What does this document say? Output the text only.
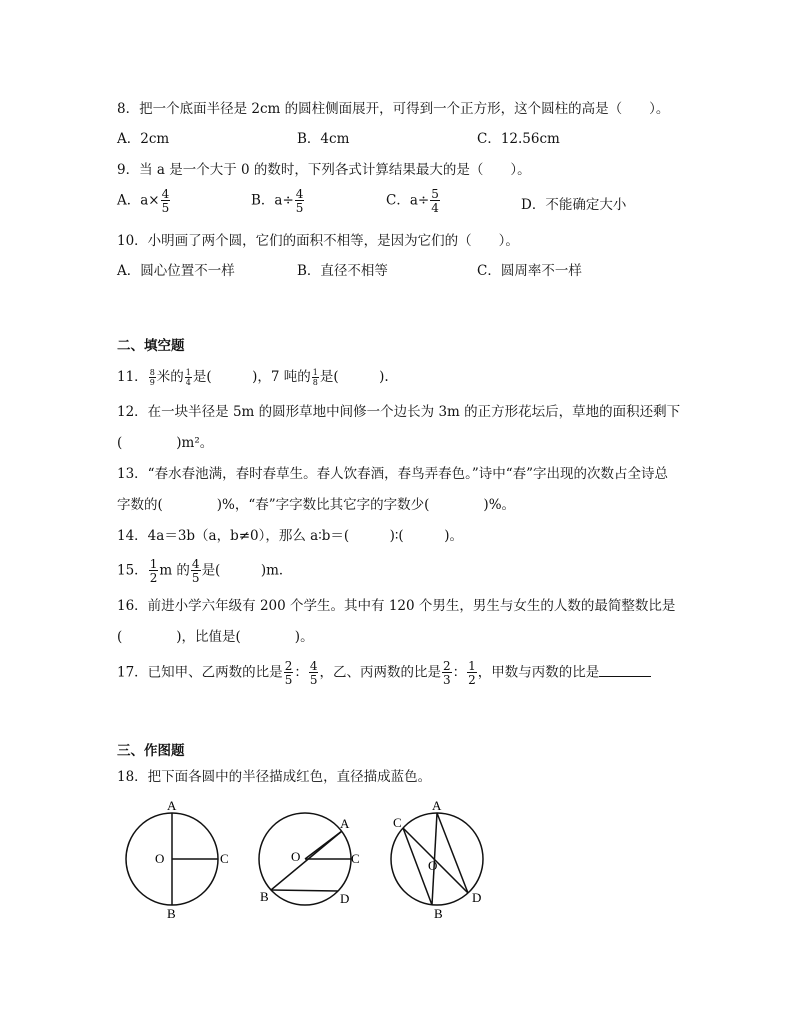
8．把一个底面半径是 2cm 的圆柱侧面展开，可得到一个正方形，这个圆柱的高是（　　）。
A．2cm	B．4cm	C．12.56cm
9．当 a 是一个大于 0 的数时，下列各式计算结果最大的是（　　）。
A．$a\times \frac{4}{5}$	B．$a\div \frac{4}{5}$	C．$a\div \frac{5}{4}$	D．不能确定大小
10．小明画了两个圆，它们的面积不相等，是因为它们的（　　）。
A．圆心位置不一样	B．直径不相等	C．圆周率不一样
二、填空题
11． $\frac{8}{9}$ 米的 $\frac{1}{4}$ 是(　　　)，7 吨的 $\frac{1}{8}$ 是(　　　).
12．在一块半径是 5m 的圆形草地中间修一个边长为 3m 的正方形花坛后，草地的面积还剩下
(　　　　)m²。
13．“春水春池满，春时春草生。春人饮春酒，春鸟弄春色。”诗中“春”字出现的次数占全诗总
字数的(　　　　)%，“春”字字数比其它字的字数少(　　　　)%。
14．4a＝3b（a，b≠0），那么 a∶b＝(　　　)∶(　　　)。
15． $\frac{1}{2}$ m 的 $\frac{4}{5}$ 是(　　　)m．
16．前进小学六年级有 200 个学生。其中有 120 个男生，男生与女生的人数的最简整数比是
(　　　　)，比值是(　　　　)。
17．已知甲、乙两数的比是 $\frac{2}{5}$ ： $\frac{4}{5}$ ，乙、丙两数的比是 $\frac{2}{3}$ ： $\frac{1}{2}$ ，甲数与丙数的比是
三、作图题
18．把下面各圆中的半径描成红色，直径描成蓝色。
A
O	C
B
A
O	C
B	D
A
C
O
B
D
